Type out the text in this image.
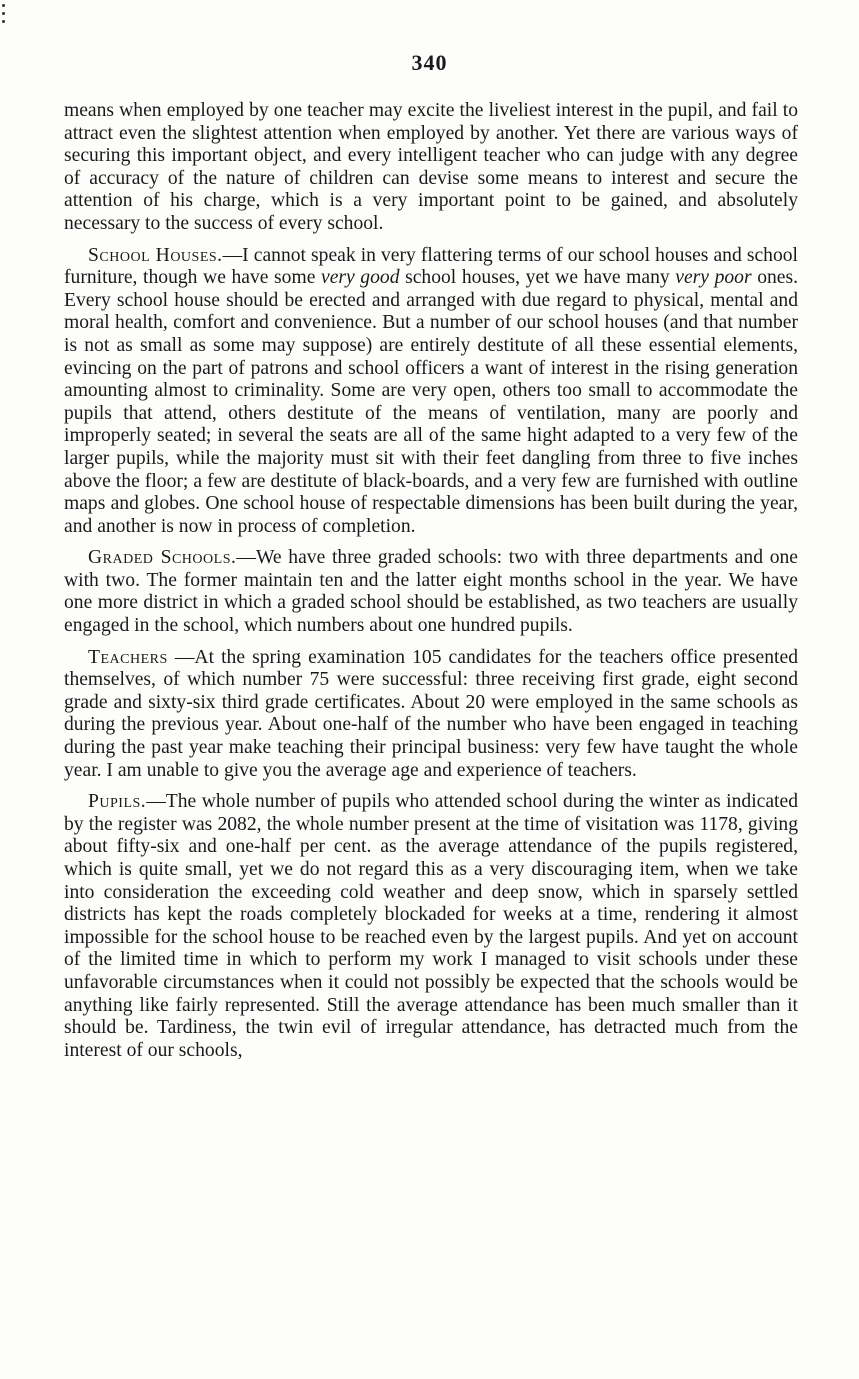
340

means when employed by one teacher may excite the liveliest interest in the pupil, and fail to attract even the slightest attention when employed by another. Yet there are various ways of securing this important object, and every intelligent teacher who can judge with any degree of accuracy of the nature of children can devise some means to interest and secure the attention of his charge, which is a very important point to be gained, and absolutely necessary to the success of every school.

School Houses.—I cannot speak in very flattering terms of our school houses and school furniture, though we have some very good school houses, yet we have many very poor ones. Every school house should be erected and arranged with due regard to physical, mental and moral health, comfort and convenience. But a number of our school houses (and that number is not as small as some may suppose) are entirely destitute of all these essential elements, evincing on the part of patrons and school officers a want of interest in the rising generation amounting almost to criminality. Some are very open, others too small to accommodate the pupils that attend, others destitute of the means of ventilation, many are poorly and improperly seated; in several the seats are all of the same hight adapted to a very few of the larger pupils, while the majority must sit with their feet dangling from three to five inches above the floor; a few are destitute of black-boards, and a very few are furnished with outline maps and globes. One school house of respectable dimensions has been built during the year, and another is now in process of completion.

Graded Schools.—We have three graded schools: two with three departments and one with two. The former maintain ten and the latter eight months school in the year. We have one more district in which a graded school should be established, as two teachers are usually engaged in the school, which numbers about one hundred pupils.

Teachers —At the spring examination 105 candidates for the teachers office presented themselves, of which number 75 were successful: three receiving first grade, eight second grade and sixty-six third grade certificates. About 20 were employed in the same schools as during the previous year. About one-half of the number who have been engaged in teaching during the past year make teaching their principal business: very few have taught the whole year. I am unable to give you the average age and experience of teachers.

Pupils.—The whole number of pupils who attended school during the winter as indicated by the register was 2082, the whole number present at the time of visitation was 1178, giving about fifty-six and one-half per cent. as the average attendance of the pupils registered, which is quite small, yet we do not regard this as a very discouraging item, when we take into consideration the exceeding cold weather and deep snow, which in sparsely settled districts has kept the roads completely blockaded for weeks at a time, rendering it almost impossible for the school house to be reached even by the largest pupils. And yet on account of the limited time in which to perform my work I managed to visit schools under these unfavorable circumstances when it could not possibly be expected that the schools would be anything like fairly represented. Still the average attendance has been much smaller than it should be. Tardiness, the twin evil of irregular attendance, has detracted much from the interest of our schools,
